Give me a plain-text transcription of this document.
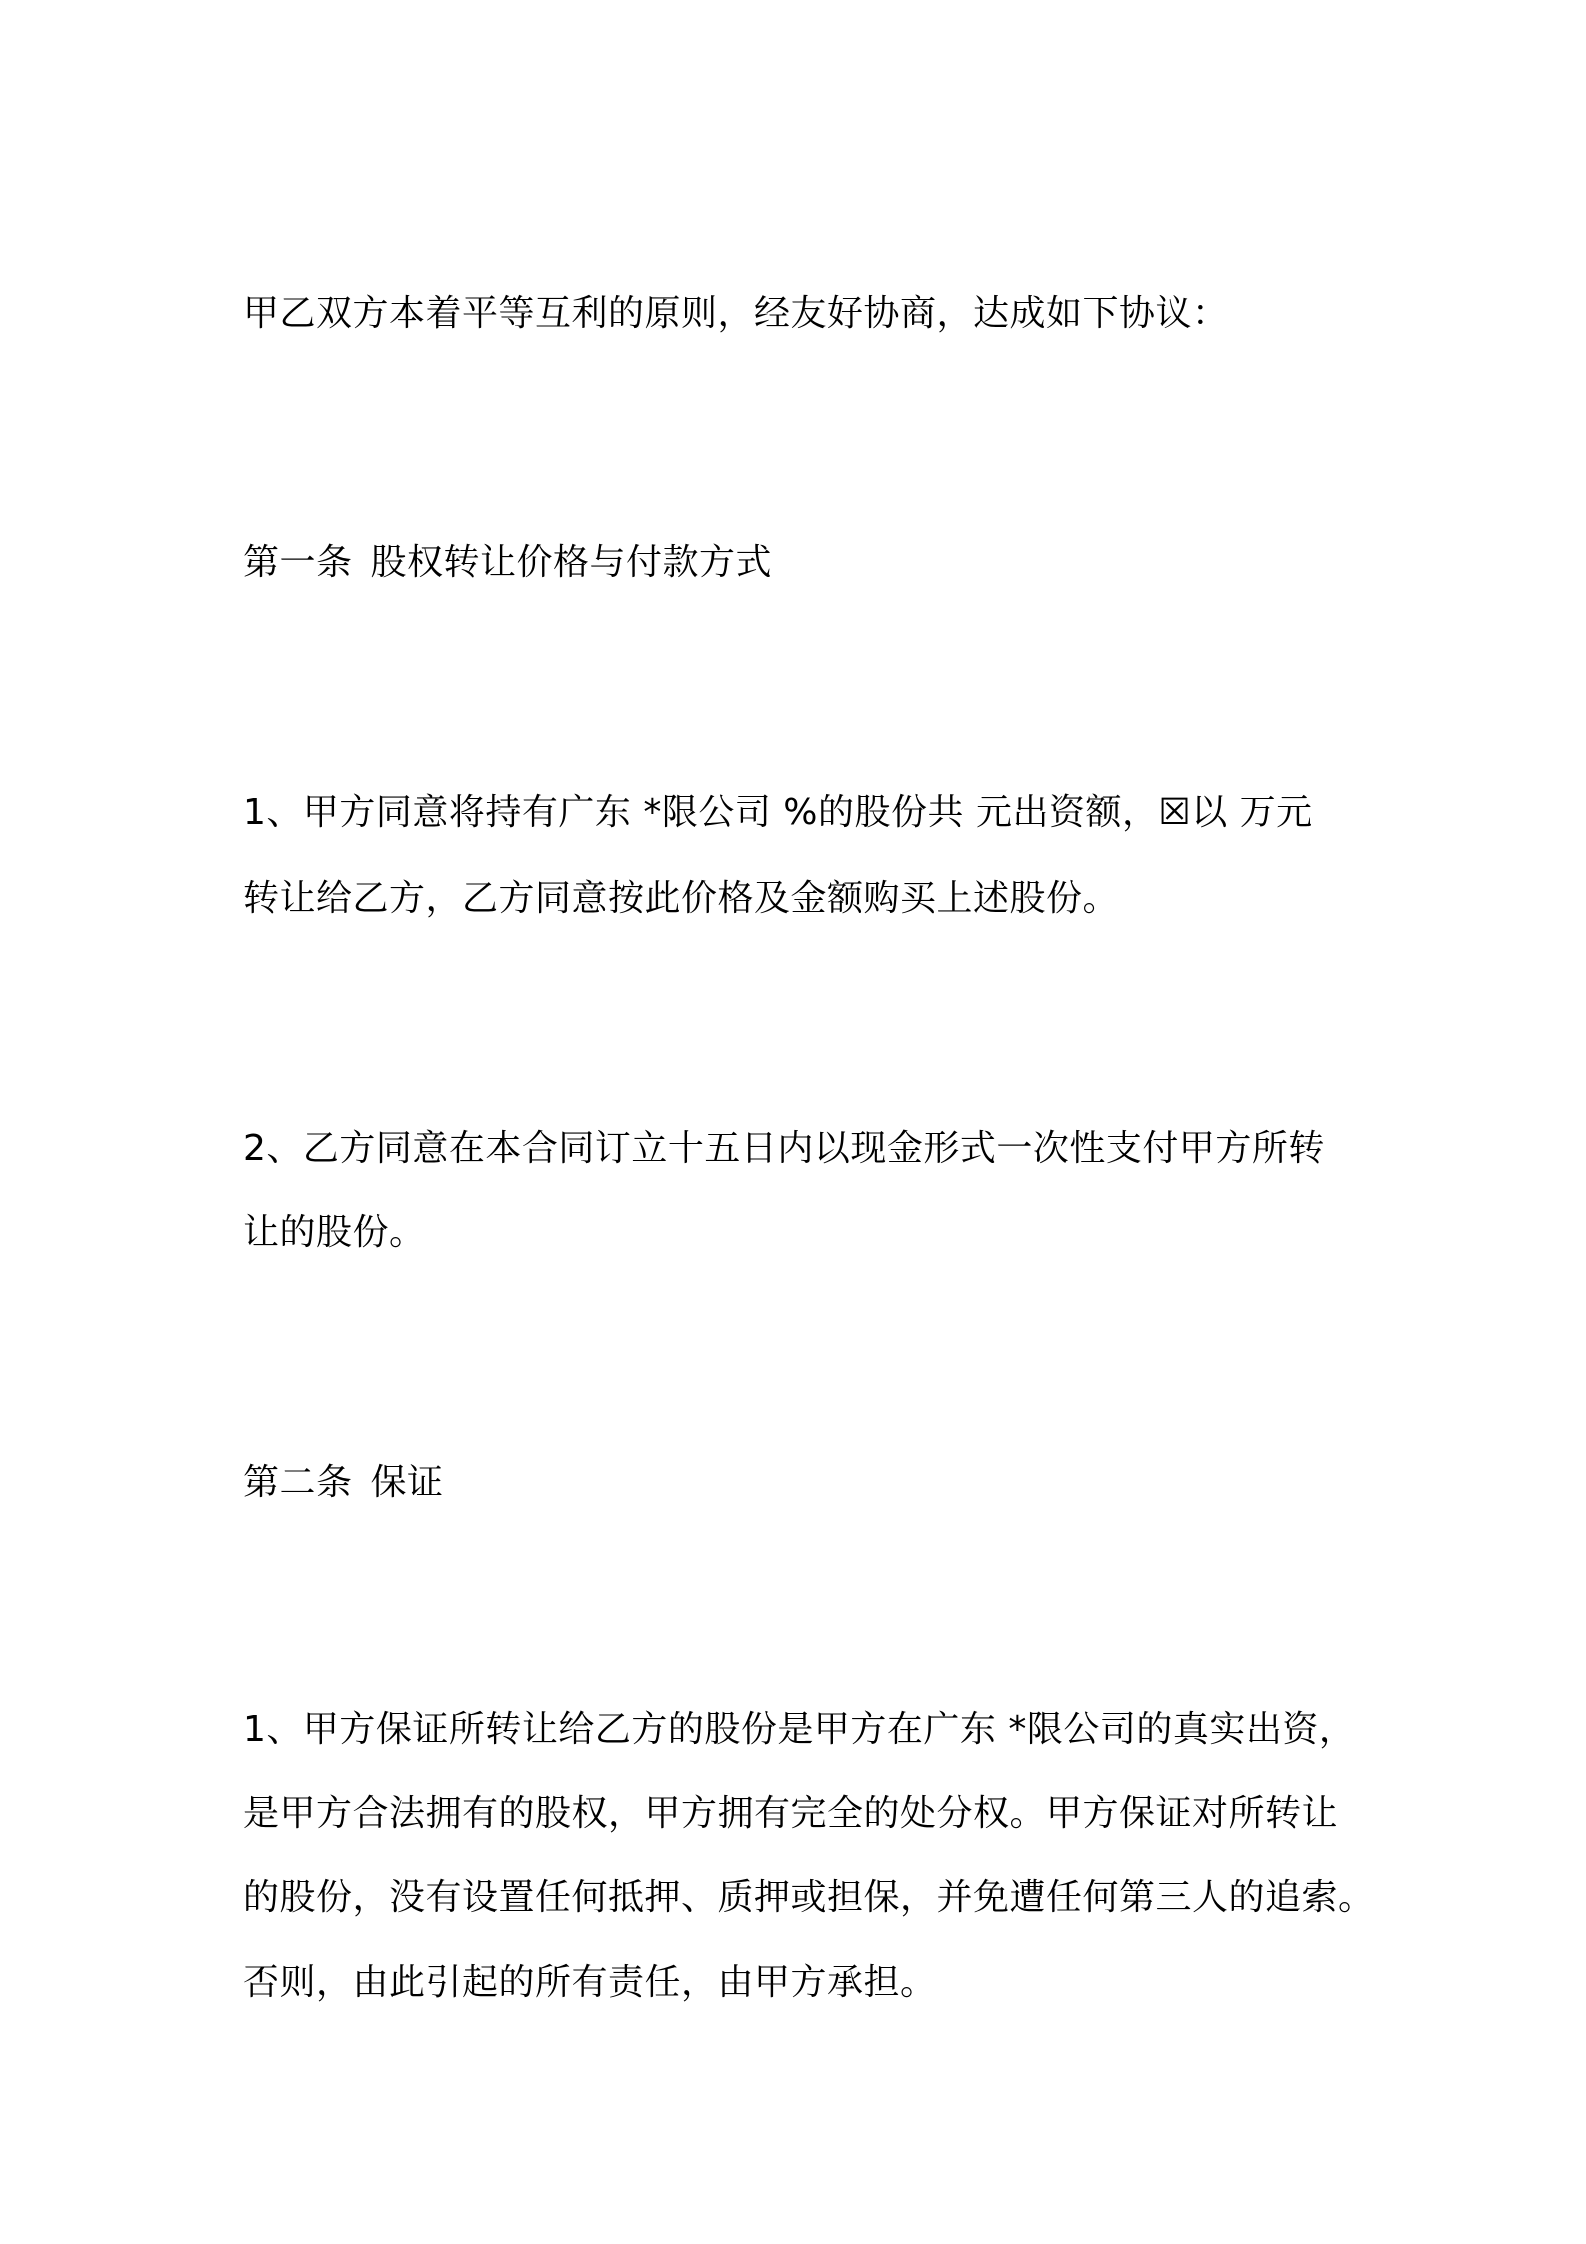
甲乙双方本着平等互利的原则，经友好协商，达成如下协议：
第一条 股权转让价格与付款方式
1、甲方同意将持有广东 *限公司 %的股份共 元出资额，☒以 万元
转让给乙方，乙方同意按此价格及金额购买上述股份。
2、乙方同意在本合同订立十五日内以现金形式一次性支付甲方所转
让的股份。
第二条 保证
1、甲方保证所转让给乙方的股份是甲方在广东 *限公司的真实出资，
是甲方合法拥有的股权，甲方拥有完全的处分权。甲方保证对所转让
的股份，没有设置任何抵押、质押或担保，并免遭任何第三人的追索。
否则，由此引起的所有责任，由甲方承担。
